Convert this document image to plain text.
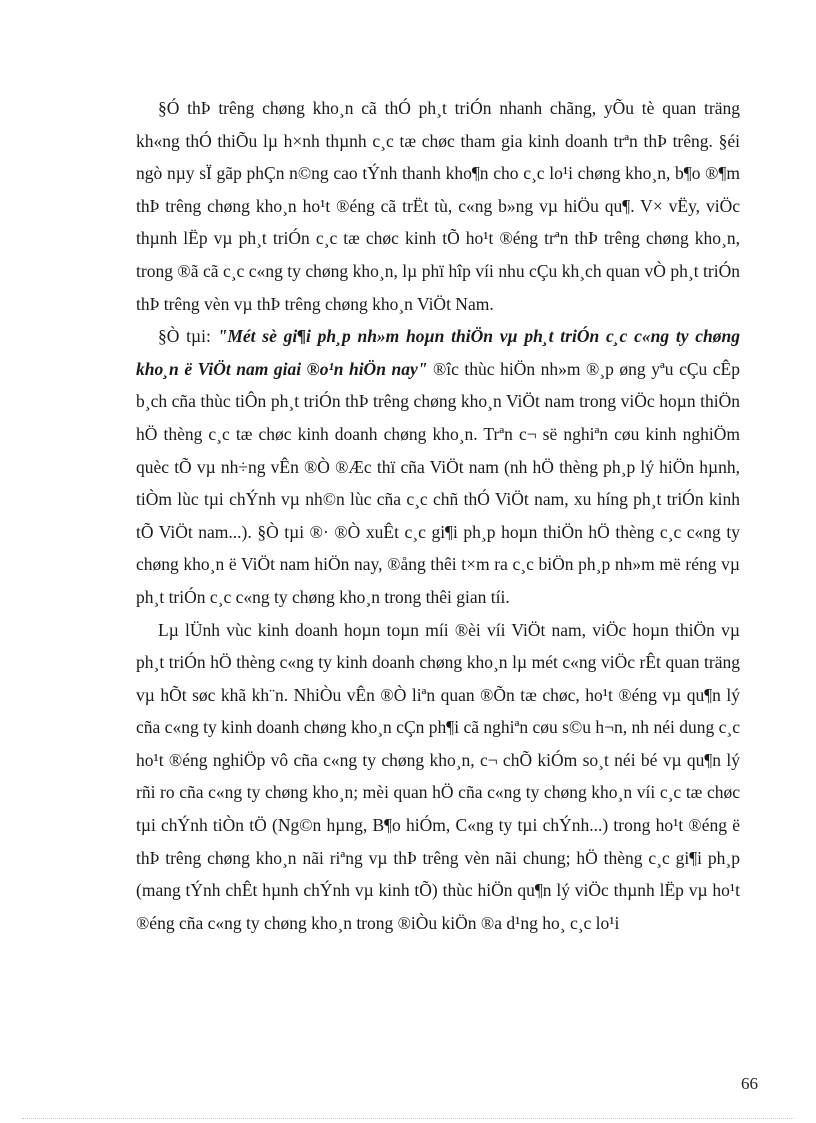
§Ó thÞ trêng chøng kho¸n cã thÓ ph¸t triÓn nhanh chãng, yÕu tè quan träng kh«ng thÓ thiÕu lµ h×nh thµnh c¸c tæ chøc tham gia kinh doanh trªn thÞ trêng. §éi ngò nµy sÏ gãp phÇn n©ng cao tÝnh thanh kho¶n cho c¸c lo¹i chøng kho¸n, b¶o ®¶m thÞ trêng chøng kho¸n ho¹t ®éng cã trËt tù, c«ng b»ng vµ hiÖu qu¶. V× vËy, viÖc thµnh lËp vµ ph¸t triÓn c¸c tæ chøc kinh tÕ ho¹t ®éng trªn thÞ trêng chøng kho¸n, trong ®ã cã c¸c c«ng ty chøng kho¸n, lµ phï hîp víi nhu cÇu kh¸ch quan vÒ ph¸t triÓn thÞ trêng vèn vµ thÞ trêng chøng kho¸n ViÖt Nam.

§Ò tµi: "Mét sè gi¶i ph¸p nh»m hoµn thiÖn vµ ph¸t triÓn c¸c c«ng ty chøng kho¸n ë ViÖt nam giai ®o¹n hiÖn nay" ®îc thùc hiÖn nh»m ®¸p øng yªu cÇu cÊp b¸ch cña thùc tiÔn ph¸t triÓn thÞ trêng chøng kho¸n ViÖt nam trong viÖc hoµn thiÖn hÖ thèng c¸c tæ chøc kinh doanh chøng kho¸n. Trªn c¬ së nghiªn cøu kinh nghiÖm quèc tÕ vµ nh÷ng vÊn ®Ò ®Æc thï cña ViÖt nam (nh hÖ thèng ph¸p lý hiÖn hµnh, tiÒm lùc tµi chÝnh vµ nh©n lùc cña c¸c chñ thÓ ViÖt nam, xu híng ph¸t triÓn kinh tÕ ViÖt nam...). §Ò tµi ®· ®Ò xuÊt c¸c gi¶i ph¸p hoµn thiÖn hÖ thèng c¸c c«ng ty chøng kho¸n ë ViÖt nam hiÖn nay, ®ång thêi t×m ra c¸c biÖn ph¸p nh»m më réng vµ ph¸t triÓn c¸c c«ng ty chøng kho¸n trong thêi gian tíi.

Lµ lÜnh vùc kinh doanh hoµn toµn míi ®èi víi ViÖt nam, viÖc hoµn thiÖn vµ ph¸t triÓn hÖ thèng c«ng ty kinh doanh chøng kho¸n lµ mét c«ng viÖc rÊt quan träng vµ hÕt søc khã kh¨n. NhiÒu vÊn ®Ò liªn quan ®Õn tæ chøc, ho¹t ®éng vµ qu¶n lý cña c«ng ty kinh doanh chøng kho¸n cÇn ph¶i cã nghiªn cøu s©u h¬n, nh néi dung c¸c ho¹t ®éng nghiÖp vô cña c«ng ty chøng kho¸n, c¬ chÕ kiÓm so¸t néi bé vµ qu¶n lý rñi ro cña c«ng ty chøng kho¸n; mèi quan hÖ cña c«ng ty chøng kho¸n víi c¸c tæ chøc tµi chÝnh tiÒn tÖ (Ng©n hµng, B¶o hiÓm, C«ng ty tµi chÝnh...) trong ho¹t ®éng ë thÞ trêng chøng kho¸n nãi riªng vµ thÞ trêng vèn nãi chung; hÖ thèng c¸c gi¶i ph¸p (mang tÝnh chÊt hµnh chÝnh vµ kinh tÕ) thùc hiÖn qu¶n lý viÖc thµnh lËp vµ ho¹t ®éng cña c«ng ty chøng kho¸n trong ®iÒu kiÖn ®a d¹ng ho¸ c¸c lo¹i

66
